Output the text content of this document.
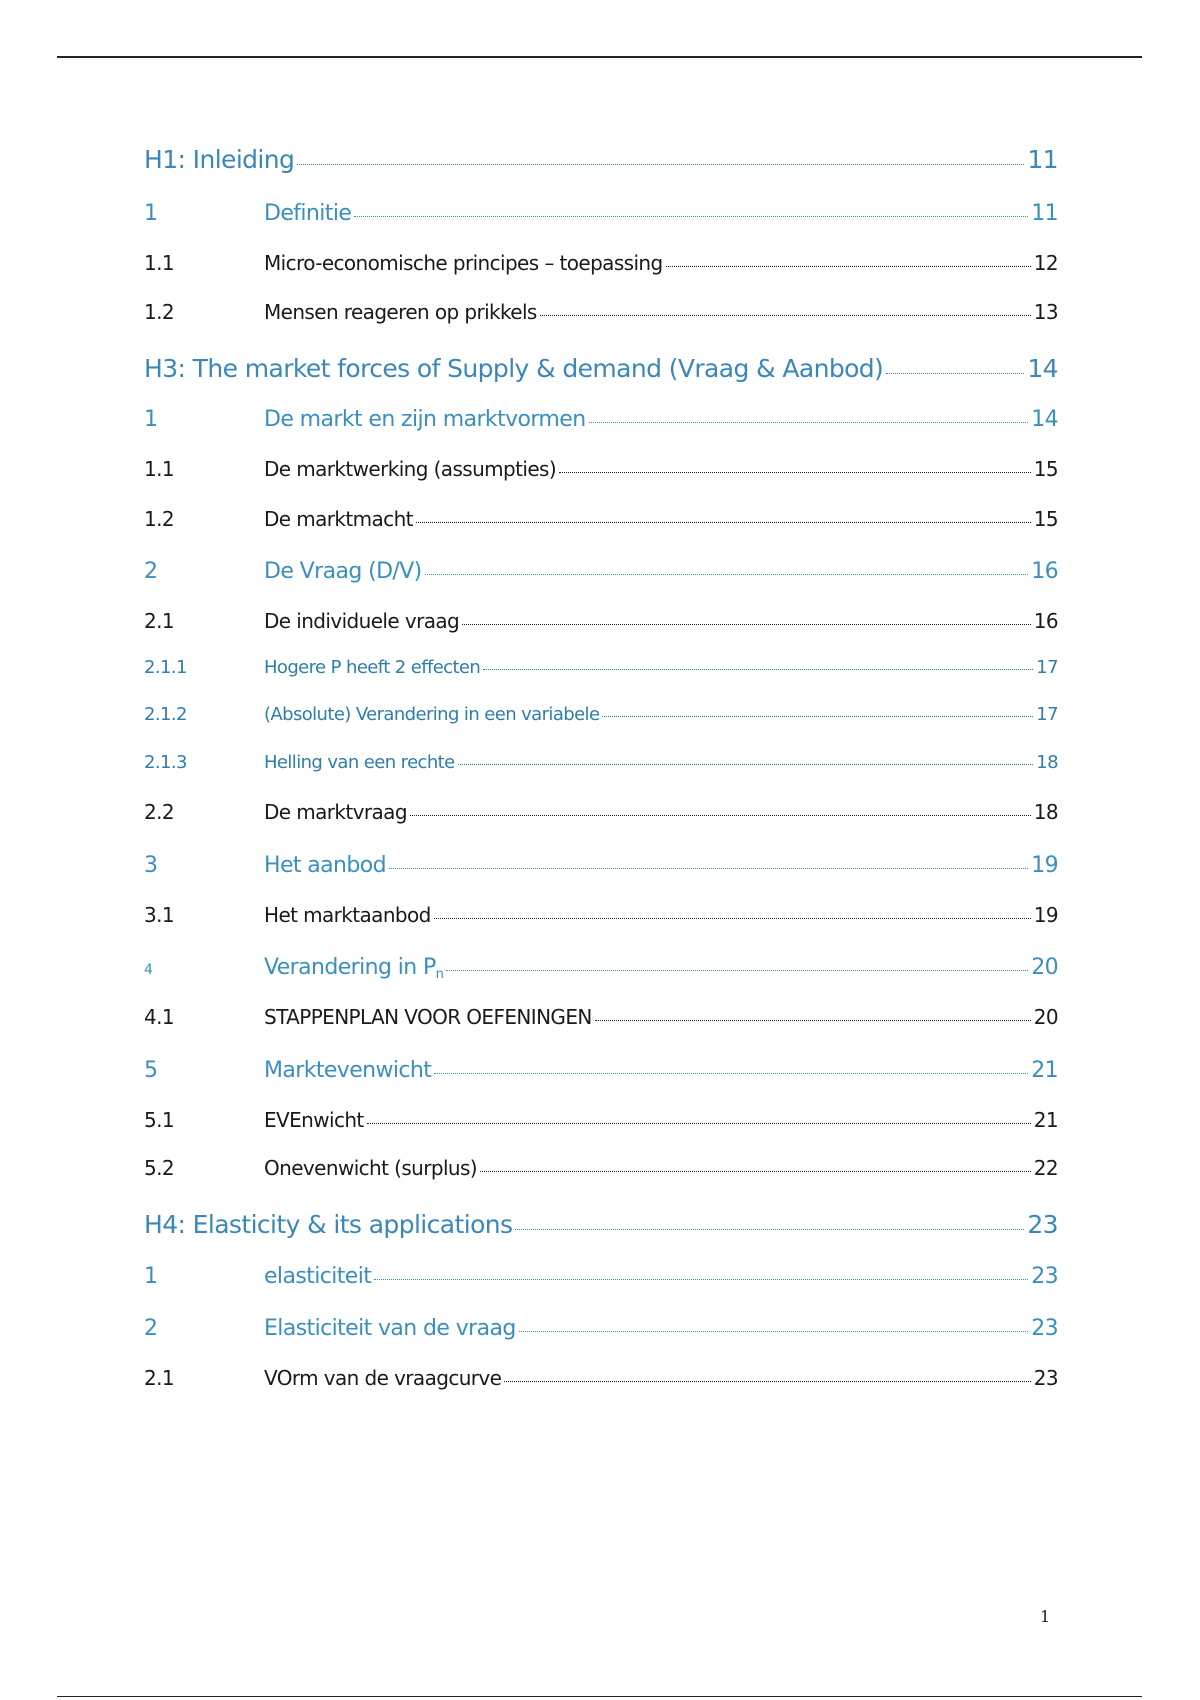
H1: Inleiding	11
1	Definitie	11
1.1	Micro-economische principes – toepassing	12
1.2	Mensen reageren op prikkels	13
H3: The market forces of Supply & demand (Vraag & Aanbod)	14
1	De markt en zijn marktvormen	14
1.1	De marktwerking (assumpties)	15
1.2	De marktmacht	15
2	De Vraag (D/V)	16
2.1	De individuele vraag	16
2.1.1	Hogere P heeft 2 effecten	17
2.1.2	(Absolute) Verandering in een variabele	17
2.1.3	Helling van een rechte	18
2.2	De marktvraag	18
3	Het aanbod	19
3.1	Het marktaanbod	19
4	Verandering in $P_n$	20
4.1	STAPPENPLAN VOOR OEFENINGEN	20
5	Marktevenwicht	21
5.1	EVEnwicht	21
5.2	Onevenwicht (surplus)	22
H4: Elasticity & its applications	23
1	elasticiteit	23
2	Elasticiteit van de vraag	23
2.1	VOrm van de vraagcurve	23
1
